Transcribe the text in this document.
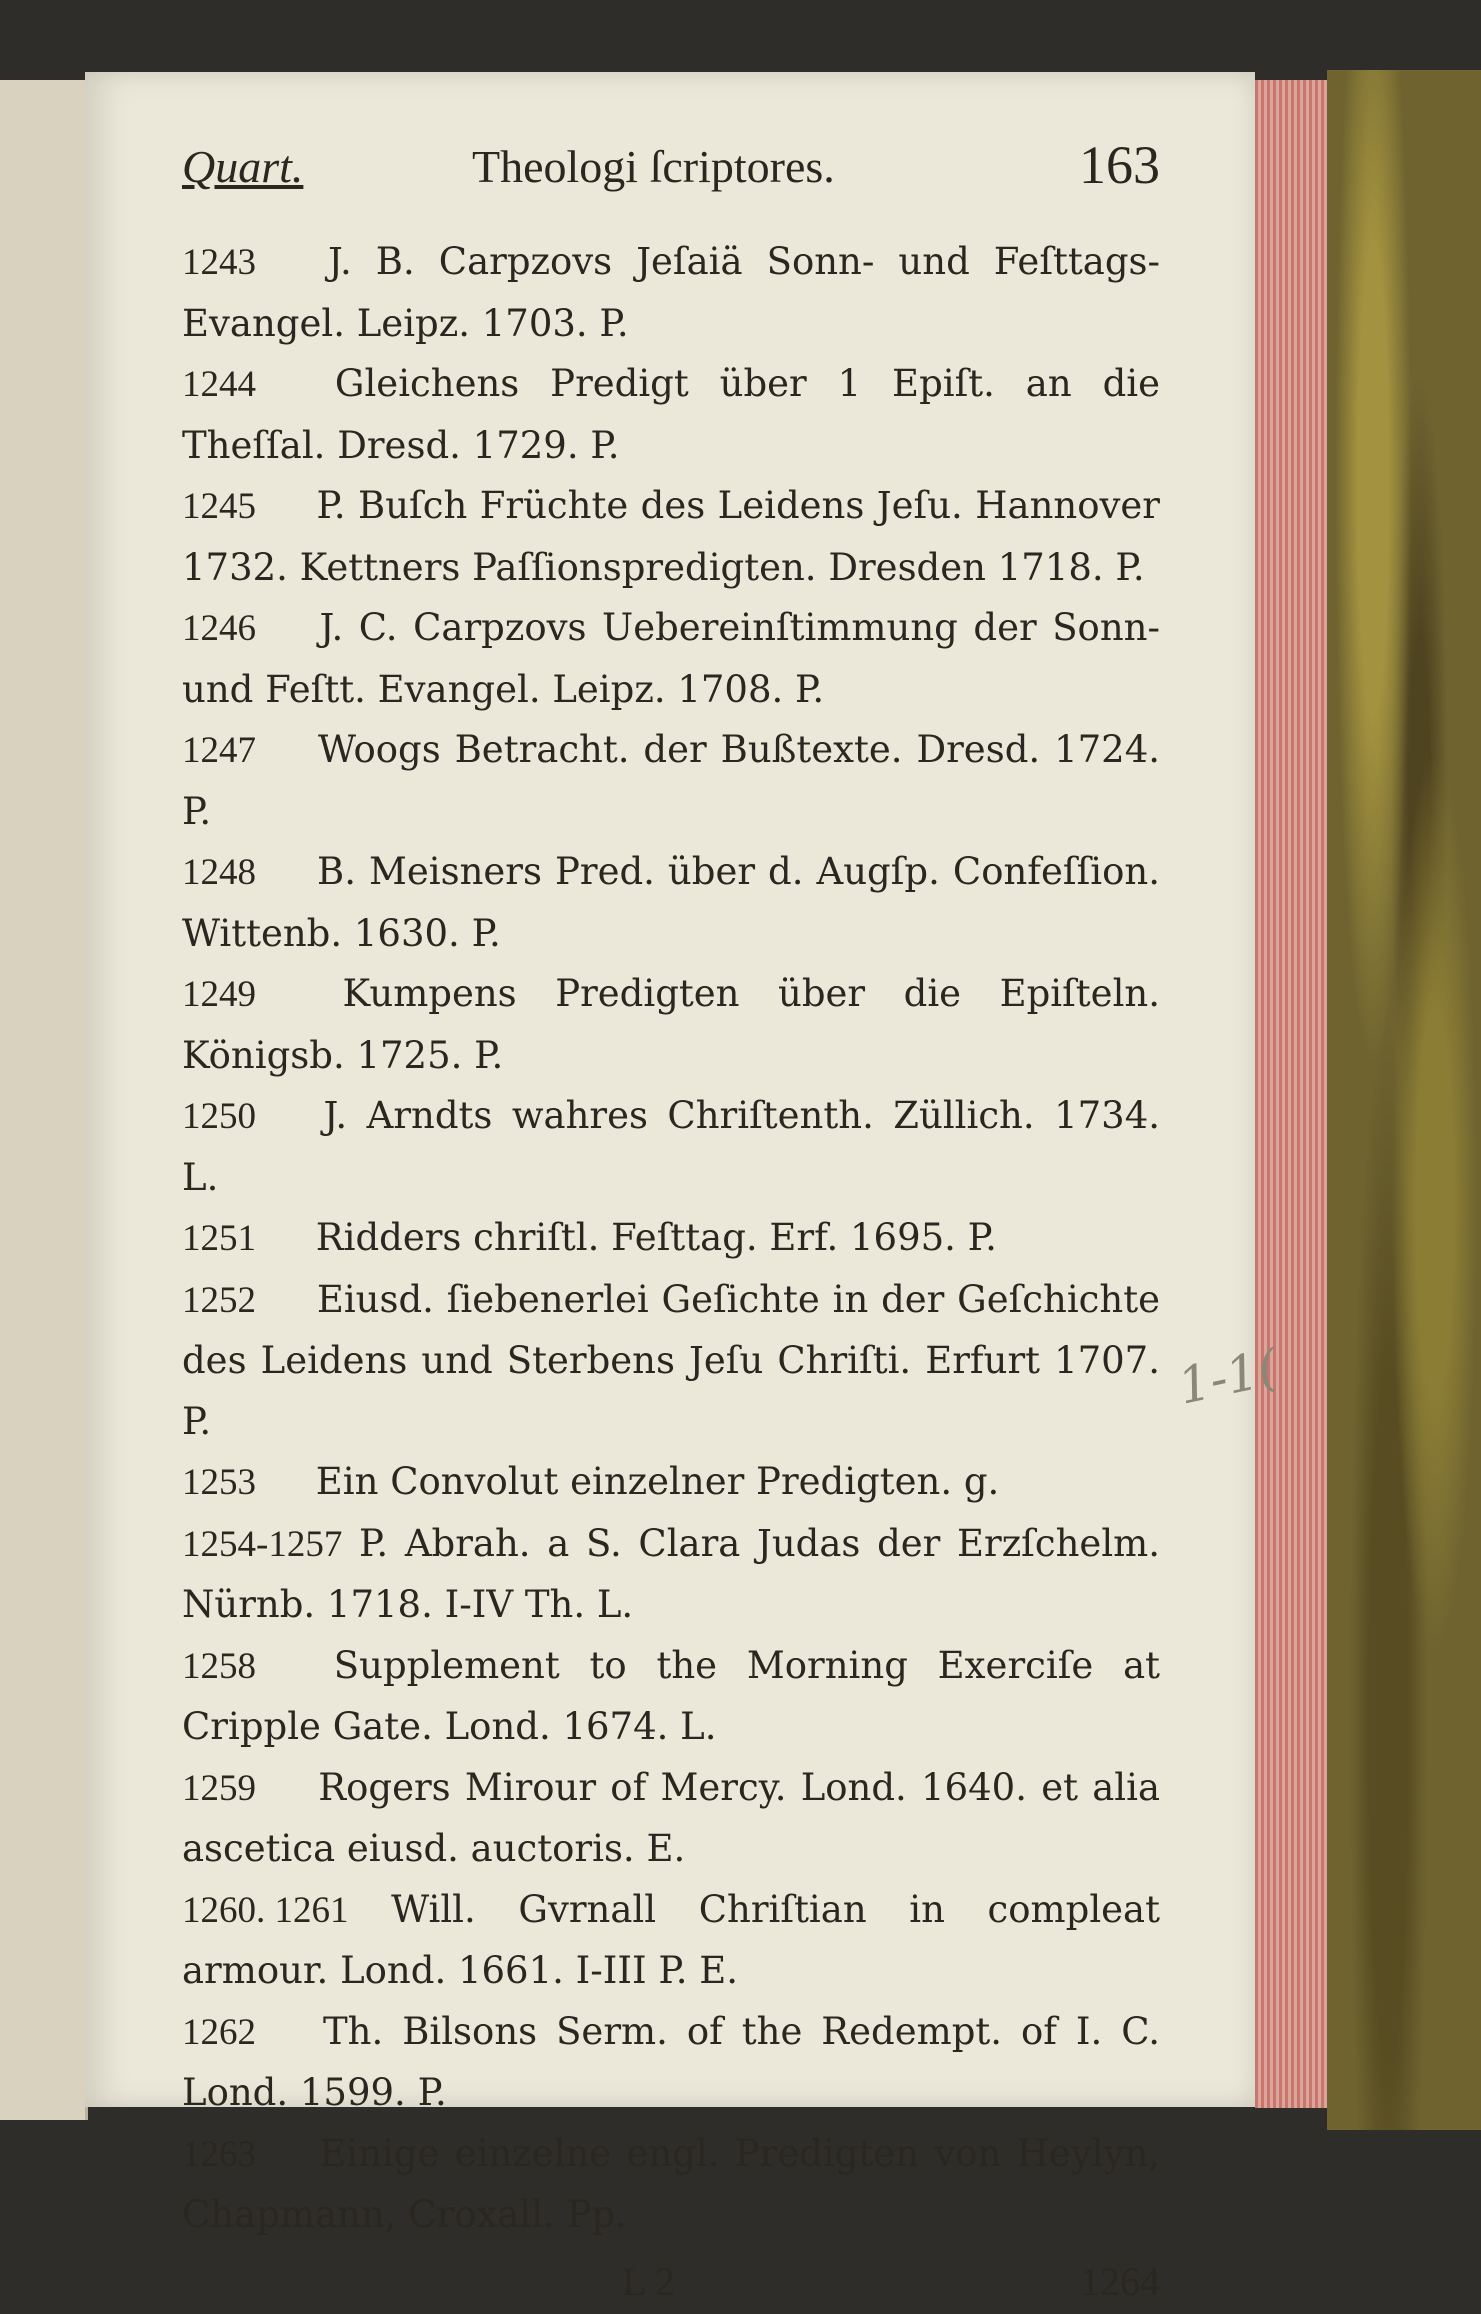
Quart.	Theologi ſcriptores.	163
1243 J. B. Carpzovs Jeſaiä Sonn- und Feſttags-Evangel. Leipz. 1703. P.
1244 Gleichens Predigt über 1 Epiſt. an die Theſſal. Dresd. 1729. P.
1245 P. Buſch Früchte des Leidens Jeſu. Hannover 1732. Kettners Paſſionspredigten. Dresden 1718. P.
1246 J. C. Carpzovs Uebereinſtimmung der Sonn- und Feſtt. Evangel. Leipz. 1708. P.
1247 Woogs Betracht. der Bußtexte. Dresd. 1724. P.
1248 B. Meisners Pred. über d. Augſp. Confeſſion. Wittenb. 1630. P.
1249 Kumpens Predigten über die Epiſteln. Königsb. 1725. P.
1250 J. Arndts wahres Chriſtenth. Züllich. 1734. L.
1251 Ridders chriſtl. Feſttag. Erf. 1695. P.
1252 Eiusd. ſiebenerlei Geſichte in der Geſchichte des Leidens und Sterbens Jeſu Chriſti. Erfurt 1707. P.
1253 Ein Convolut einzelner Predigten. g.
1254-1257 P. Abrah. a S. Clara Judas der Erzſchelm. Nürnb. 1718. I-IV Th. L.
1258 Supplement to the Morning Exerciſe at Cripple Gate. Lond. 1674. L.
1259 Rogers Mirour of Mercy. Lond. 1640. et alia ascetica eiusd. auctoris. E.
1260. 1261 Will. Gvrnall Chriſtian in compleat armour. Lond. 1661. I-III P. E.
1262 Th. Bilsons Serm. of the Redempt. of I. C. Lond. 1599. P.
1263 Einige einzelne engl. Predigten von Heylyn, Chapmann, Croxall. Pp.
L 2	1264
1-1(
